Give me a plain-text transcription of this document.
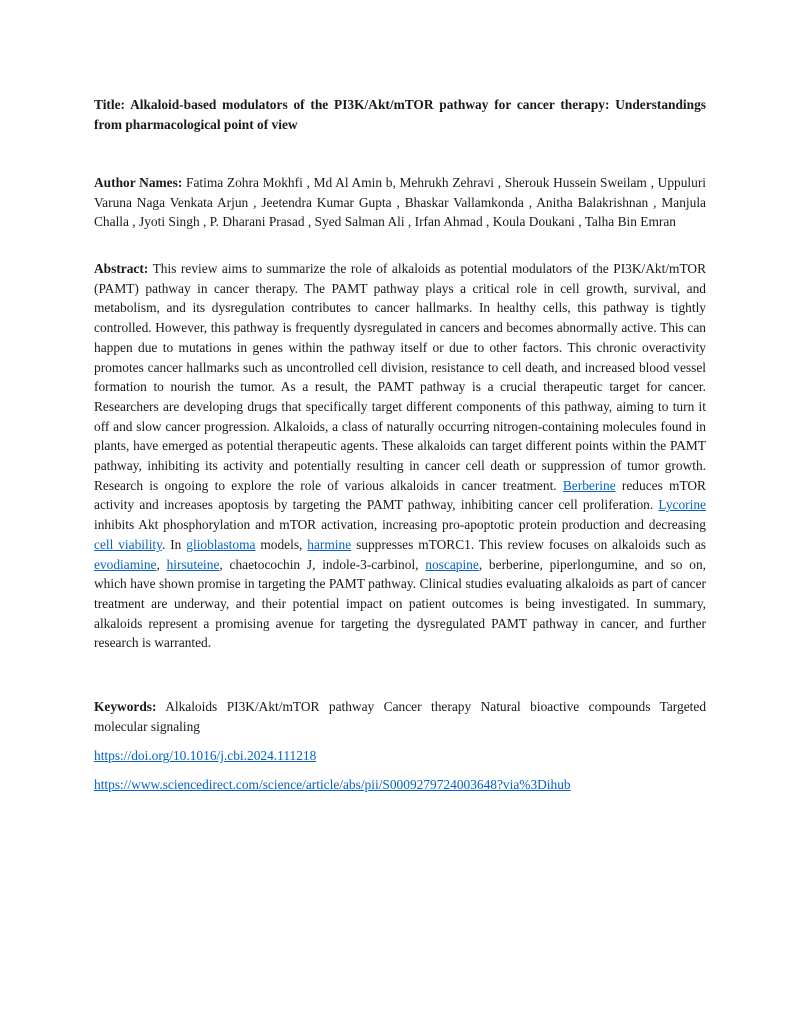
Title: Alkaloid-based modulators of the PI3K/Akt/mTOR pathway for cancer therapy: Understandings from pharmacological point of view
Author Names: Fatima Zohra Mokhfi , Md Al Amin b, Mehrukh Zehravi , Sherouk Hussein Sweilam , Uppuluri Varuna Naga Venkata Arjun , Jeetendra Kumar Gupta , Bhaskar Vallamkonda , Anitha Balakrishnan , Manjula Challa , Jyoti Singh , P. Dharani Prasad , Syed Salman Ali , Irfan Ahmad , Koula Doukani , Talha Bin Emran
Abstract: This review aims to summarize the role of alkaloids as potential modulators of the PI3K/Akt/mTOR (PAMT) pathway in cancer therapy. The PAMT pathway plays a critical role in cell growth, survival, and metabolism, and its dysregulation contributes to cancer hallmarks. In healthy cells, this pathway is tightly controlled. However, this pathway is frequently dysregulated in cancers and becomes abnormally active. This can happen due to mutations in genes within the pathway itself or due to other factors. This chronic overactivity promotes cancer hallmarks such as uncontrolled cell division, resistance to cell death, and increased blood vessel formation to nourish the tumor. As a result, the PAMT pathway is a crucial therapeutic target for cancer. Researchers are developing drugs that specifically target different components of this pathway, aiming to turn it off and slow cancer progression. Alkaloids, a class of naturally occurring nitrogen-containing molecules found in plants, have emerged as potential therapeutic agents. These alkaloids can target different points within the PAMT pathway, inhibiting its activity and potentially resulting in cancer cell death or suppression of tumor growth. Research is ongoing to explore the role of various alkaloids in cancer treatment. Berberine reduces mTOR activity and increases apoptosis by targeting the PAMT pathway, inhibiting cancer cell proliferation. Lycorine inhibits Akt phosphorylation and mTOR activation, increasing pro-apoptotic protein production and decreasing cell viability. In glioblastoma models, harmine suppresses mTORC1. This review focuses on alkaloids such as evodiamine, hirsuteine, chaetocochin J, indole-3-carbinol, noscapine, berberine, piperlongumine, and so on, which have shown promise in targeting the PAMT pathway. Clinical studies evaluating alkaloids as part of cancer treatment are underway, and their potential impact on patient outcomes is being investigated. In summary, alkaloids represent a promising avenue for targeting the dysregulated PAMT pathway in cancer, and further research is warranted.
Keywords: Alkaloids PI3K/Akt/mTOR pathway Cancer therapy Natural bioactive compounds Targeted molecular signaling
https://doi.org/10.1016/j.cbi.2024.111218
https://www.sciencedirect.com/science/article/abs/pii/S0009279724003648?via%3Dihub
